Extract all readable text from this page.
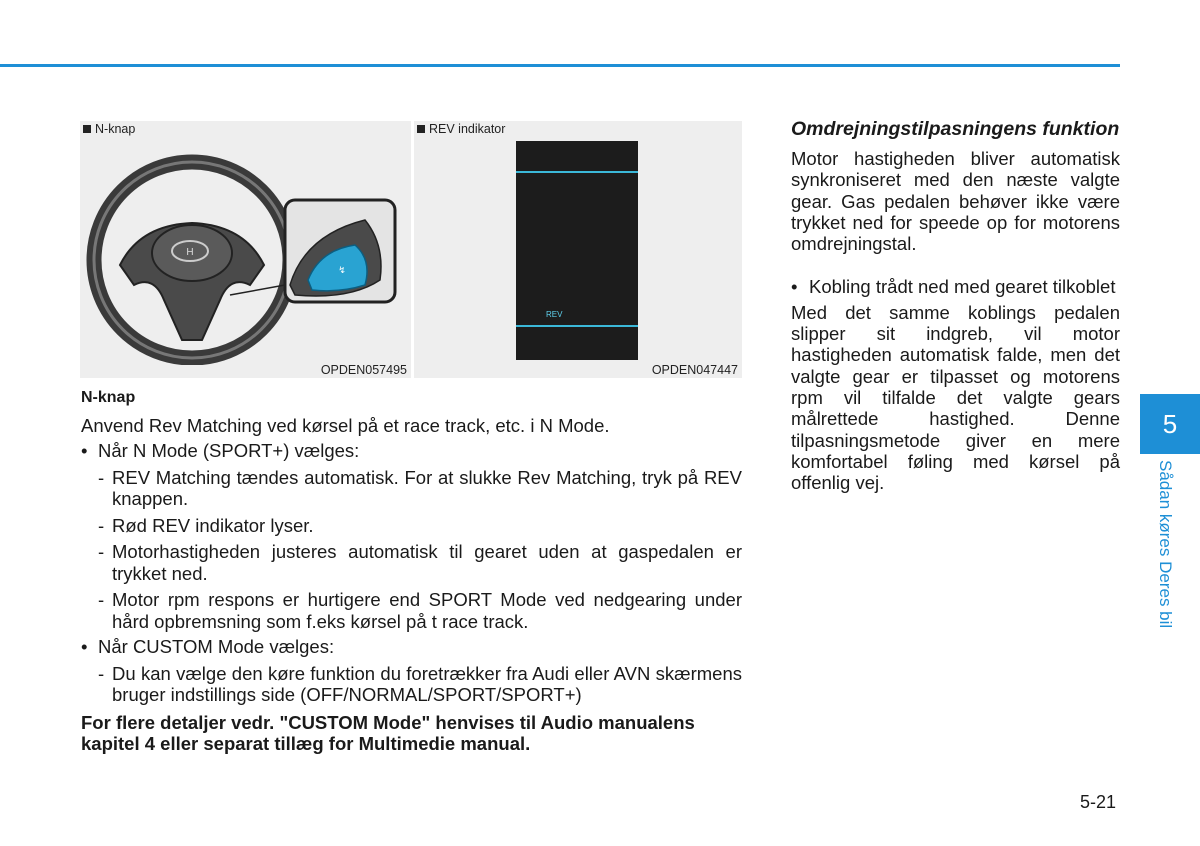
N-knap
H
↯
OPDEN057495
REV indikator
REV
OPDEN047447

N-knap

Anvend Rev Matching ved kørsel på et race track, etc. i N Mode.

• Når N Mode (SPORT+) vælges:

- REV Matching tændes automatisk. For at slukke Rev Matching, tryk på REV knappen.

- Rød REV indikator lyser.

- Motorhastigheden justeres automatisk til gearet uden at gaspedalen er trykket ned.

- Motor rpm respons er hurtigere end SPORT Mode ved nedgearing under hård opbremsning som f.eks kørsel på t race track.

• Når CUSTOM Mode vælges:

- Du kan vælge den køre funktion du foretrækker fra Audi eller AVN skærmens bruger indstillings side (OFF/NORMAL/SPORT/SPORT+)

For flere detaljer vedr. "CUSTOM Mode" henvises til Audio manualens kapitel 4 eller separat tillæg for Multimedie manual.

Omdrejningstilpasningens funktion

Motor hastigheden bliver automatisk synkroniseret med den næste valgte gear. Gas pedalen behøver ikke være trykket ned for speede op for motorens omdrejningstal.

• Kobling trådt ned med gearet tilkoblet

Med det samme koblings pedalen slipper sit indgreb, vil motor hastigheden automatisk falde, men det valgte gear er tilpasset og motorens rpm vil tilfalde det valgte gears målrettede hastighed. Denne tilpasningsmetode giver en mere komfortabel føling med kørsel på offenlig vej.

5
Sådan køres Deres bil
5-21
